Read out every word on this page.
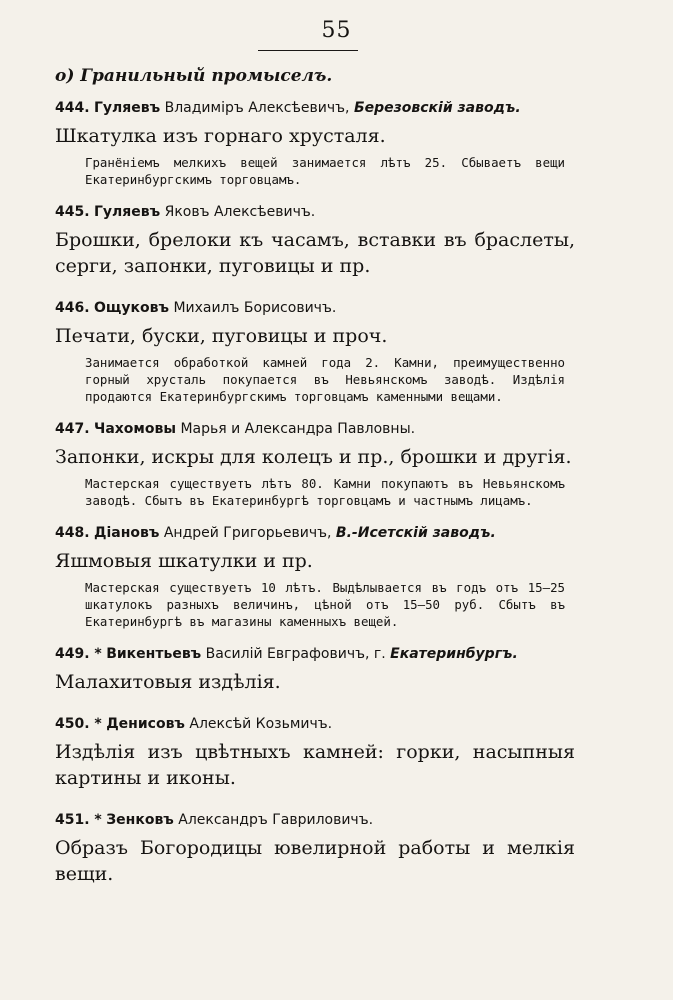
55
о) Гранильный промыселъ.
444. Гуляевъ Владиміръ Алексѣевичъ, Березовскій заводъ.
Шкатулка изъ горнаго хрусталя.
Гранёніемъ мелкихъ вещей занимается лѣтъ 25. Сбываетъ вещи Екатеринбургскимъ торговцамъ.
445. Гуляевъ Яковъ Алексѣевичъ.
Брошки, брелоки къ часамъ, вставки въ браслеты, серги, запонки, пуговицы и пр.
446. Ощуковъ Михаилъ Борисовичъ.
Печати, буски, пуговицы и проч.
Занимается обработкой камней года 2. Камни, преимущественно горный хрусталь покупается въ Невьянскомъ заводѣ. Издѣлія продаются Екатеринбургскимъ торговцамъ каменными вещами.
447. Чахомовы Марья и Александра Павловны.
Запонки, искры для колецъ и пр., брошки и другія.
Мастерская существуетъ лѣтъ 80. Камни покупаютъ въ Невьянскомъ заводѣ. Сбытъ въ Екатеринбургѣ торговцамъ и частнымъ лицамъ.
448. Діановъ Андрей Григорьевичъ, В.-Исетскій заводъ.
Яшмовыя шкатулки и пр.
Мастерская существуетъ 10 лѣтъ. Выдѣлывается въ годъ отъ 15—25 шкатулокъ разныхъ величинъ, цѣной отъ 15—50 руб. Сбытъ въ Екатеринбургѣ въ магазины каменныхъ вещей.
449. * Викентьевъ Василій Евграфовичъ, г. Екатеринбургъ.
Малахитовыя издѣлія.
450. * Денисовъ Алексѣй Козьмичъ.
Издѣлія изъ цвѣтныхъ камней: горки, насыпныя картины и иконы.
451. * Зенковъ Александръ Гавриловичъ.
Образъ Богородицы ювелирной работы и мелкія вещи.
